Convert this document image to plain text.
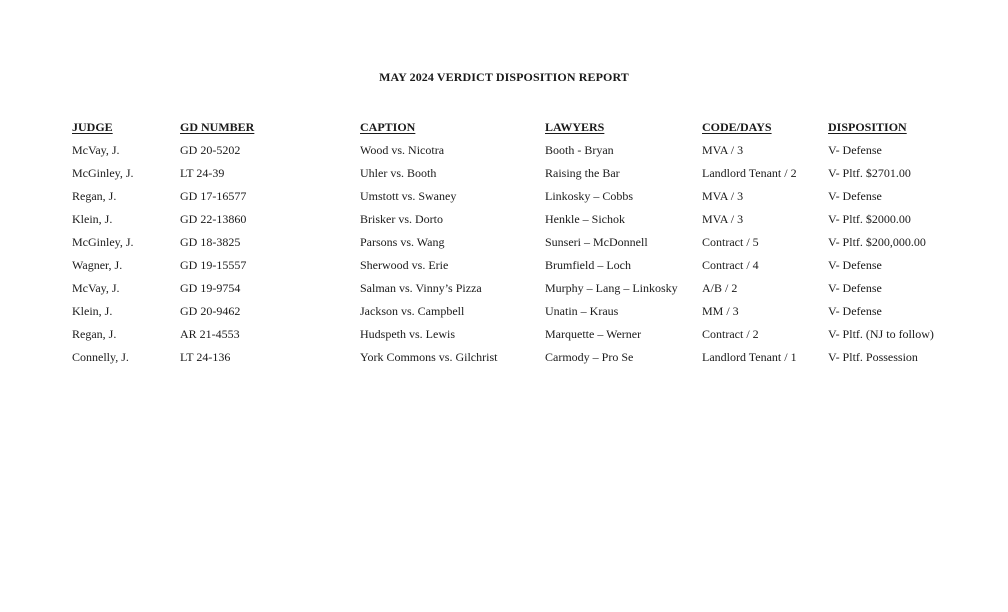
MAY 2024 VERDICT DISPOSITION REPORT
JUDGE	GD NUMBER	CAPTION	LAWYERS	CODE/DAYS	DISPOSITION
McVay, J.	GD 20-5202	Wood vs. Nicotra	Booth - Bryan	MVA / 3	V- Defense
McGinley, J.	LT 24-39	Uhler vs. Booth	Raising the Bar	Landlord Tenant / 2	V- Pltf. $2701.00
Regan, J.	GD 17-16577	Umstott vs. Swaney	Linkosky – Cobbs	MVA / 3	V- Defense
Klein, J.	GD 22-13860	Brisker vs. Dorto	Henkle – Sichok	MVA / 3	V- Pltf. $2000.00
McGinley, J.	GD 18-3825	Parsons vs. Wang	Sunseri – McDonnell	Contract / 5	V- Pltf. $200,000.00
Wagner, J.	GD 19-15557	Sherwood vs. Erie	Brumfield – Loch	Contract / 4	V- Defense
McVay, J.	GD 19-9754	Salman vs. Vinny’s Pizza	Murphy – Lang – Linkosky	A/B / 2	V- Defense
Klein, J.	GD 20-9462	Jackson vs. Campbell	Unatin – Kraus	MM / 3	V- Defense
Regan, J.	AR 21-4553	Hudspeth vs. Lewis	Marquette – Werner	Contract / 2	V- Pltf. (NJ to follow)
Connelly, J.	LT 24-136	York Commons vs. Gilchrist	Carmody – Pro Se	Landlord Tenant / 1	V- Pltf. Possession
